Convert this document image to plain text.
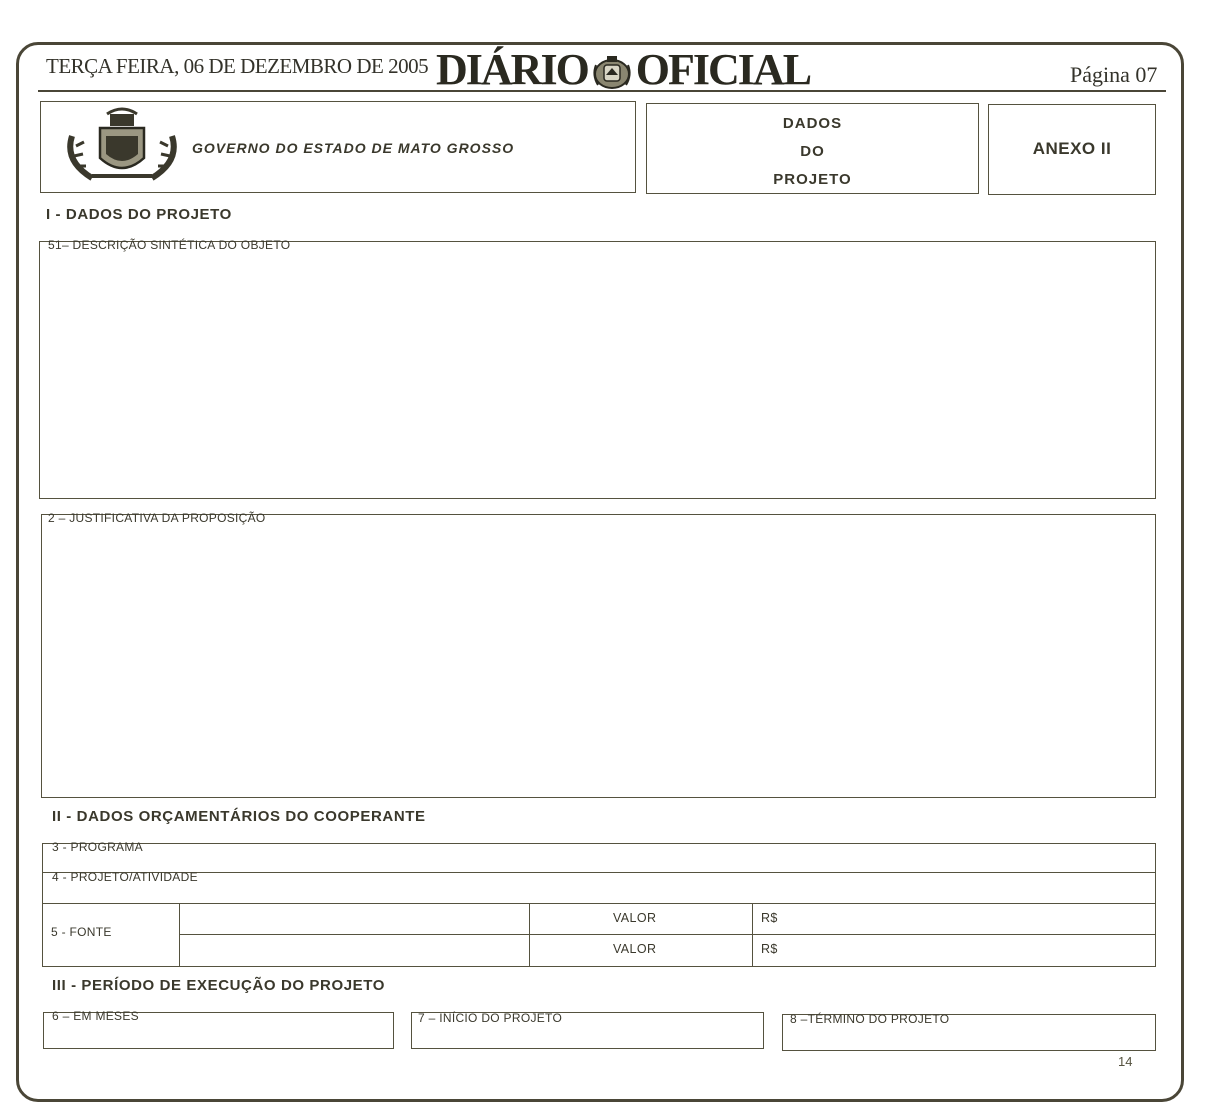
TERÇA FEIRA, 06 DE DEZEMBRO DE 2005 DIÁRIO OFICIAL	Página 07
GOVERNO DO ESTADO DE MATO GROSSO
DADOS
DO
PROJETO
ANEXO II
I - DADOS DO PROJETO
51– DESCRIÇÃO SINTÉTICA DO OBJETO
2 – JUSTIFICATIVA DA PROPOSIÇÃO
II - DADOS ORÇAMENTÁRIOS DO COOPERANTE
3 - PROGRAMA
4 - PROJETO/ATIVIDADE
5 - FONTE
VALOR	R$
VALOR	R$
III - PERÍODO DE EXECUÇÃO DO PROJETO
6 – EM MESES	7 – INÍCIO DO PROJETO	8 –TÉRMINO DO PROJETO
14
